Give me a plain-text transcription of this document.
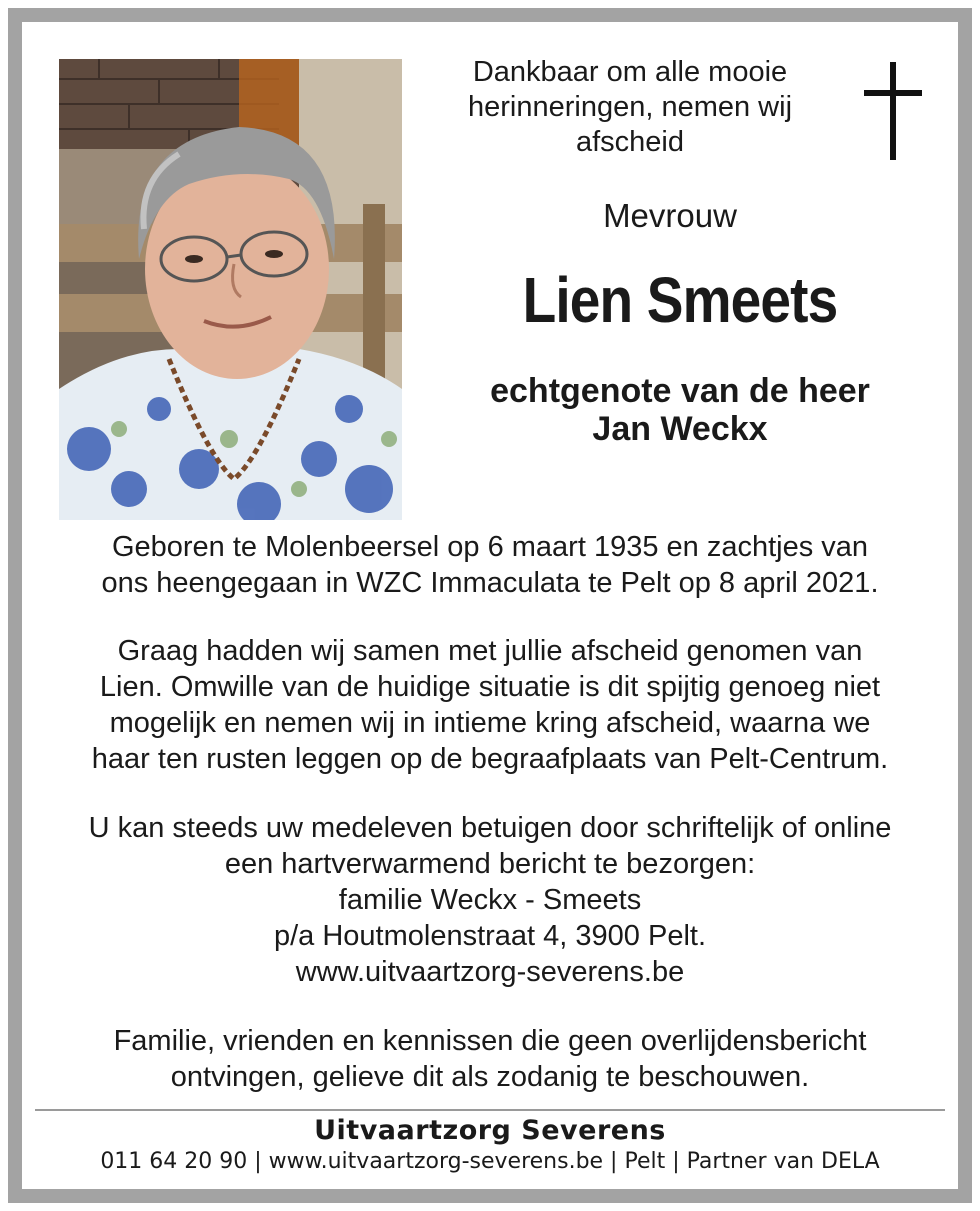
Dankbaar om alle mooie
herinneringen, nemen wij
afscheid
Mevrouw
Lien Smeets
echtgenote van de heer
Jan Weckx
Geboren te Molenbeersel op 6 maart 1935 en zachtjes van
ons heengegaan in WZC Immaculata te Pelt op 8 april 2021.
Graag hadden wij samen met jullie afscheid genomen van
Lien. Omwille van de huidige situatie is dit spijtig genoeg niet
mogelijk en nemen wij in intieme kring afscheid, waarna we
haar ten rusten leggen op de begraafplaats van Pelt-Centrum.
U kan steeds uw medeleven betuigen door schriftelijk of online
een hartverwarmend bericht te bezorgen:
familie Weckx - Smeets
p/a Houtmolenstraat 4, 3900 Pelt.
www.uitvaartzorg-severens.be
Familie, vrienden en kennissen die geen overlijdensbericht
ontvingen, gelieve dit als zodanig te beschouwen.
Uitvaartzorg Severens
011 64 20 90 | www.uitvaartzorg-severens.be | Pelt | Partner van DELA
